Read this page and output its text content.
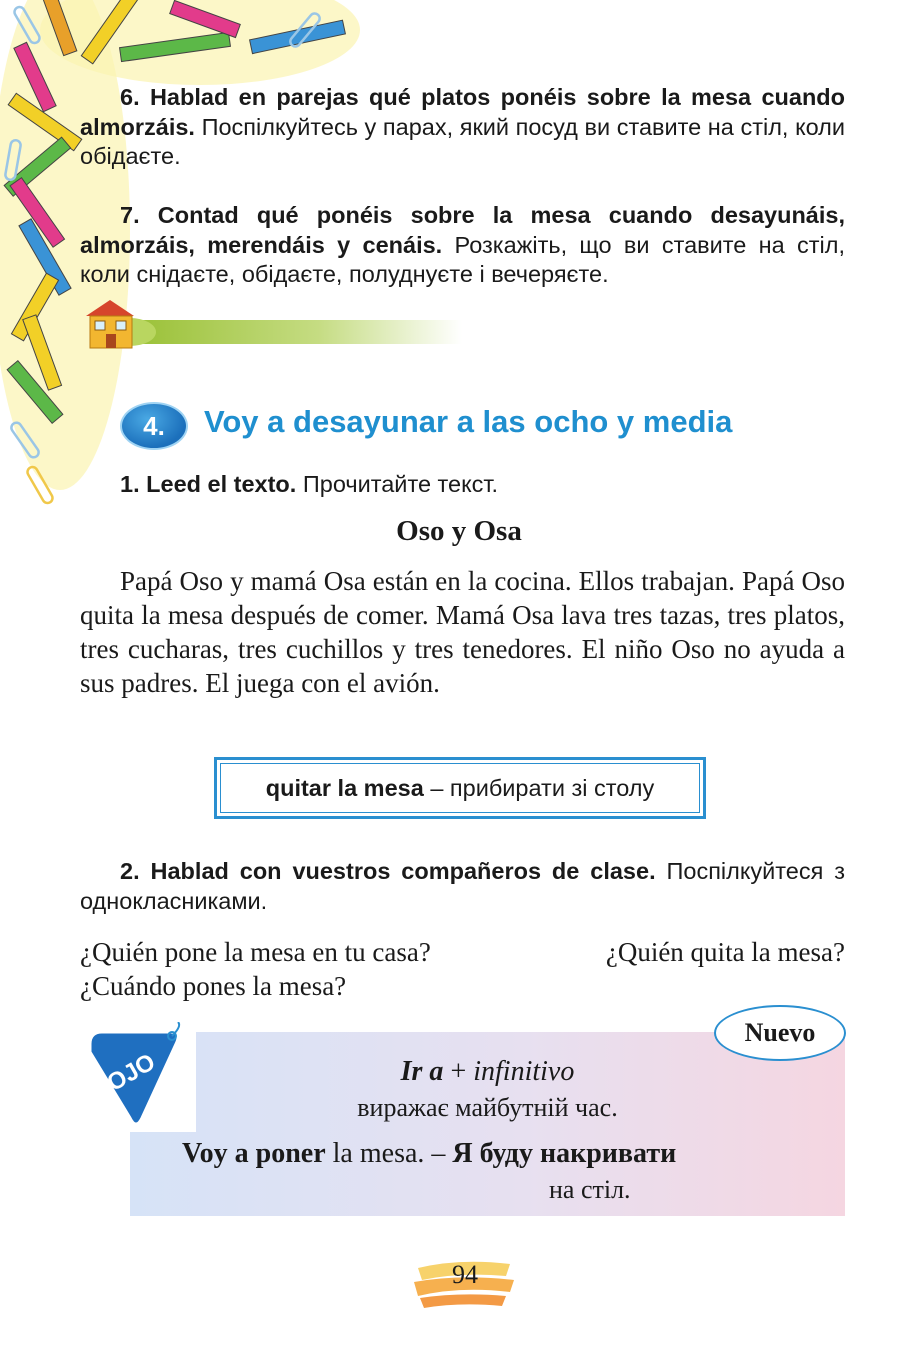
6. Hablad en parejas qué platos ponéis sobre la mesa cuando almorzáis. Поспілкуйтесь у парах, який посуд ви ставите на стіл, коли обідаєте.
7. Contad qué ponéis sobre la mesa cuando desayunáis, almorzáis, merendáis y cenáis. Розкажіть, що ви ставите на стіл, коли снідаєте, обідаєте, полуднуєте і вечеряєте.
4.	Voy a desayunar a las ocho y media
1. Leed el texto. Прочитайте текст.
Oso y Osa
Papá Oso y mamá Osa están en la cocina. Ellos trabajan. Papá Oso quita la mesa después de comer. Mamá Osa lava tres tazas, tres platos, tres cucharas, tres cuchillos y tres tenedores. El niño Oso no ayuda a sus padres. El juega con el avión.
quitar la mesa – прибирати зі столу
2. Hablad con vuestros compañeros de clase. Поспілкуйтеся з однокласниками.
¿Quién pone la mesa en tu casa?	¿Quién quita la mesa?
¿Cuándo pones la mesa?
OJO
Nuevo
Ir a + infinitivo
виражає майбутній час.
Voy a poner la mesa. – Я буду накривати
на стіл.
94
